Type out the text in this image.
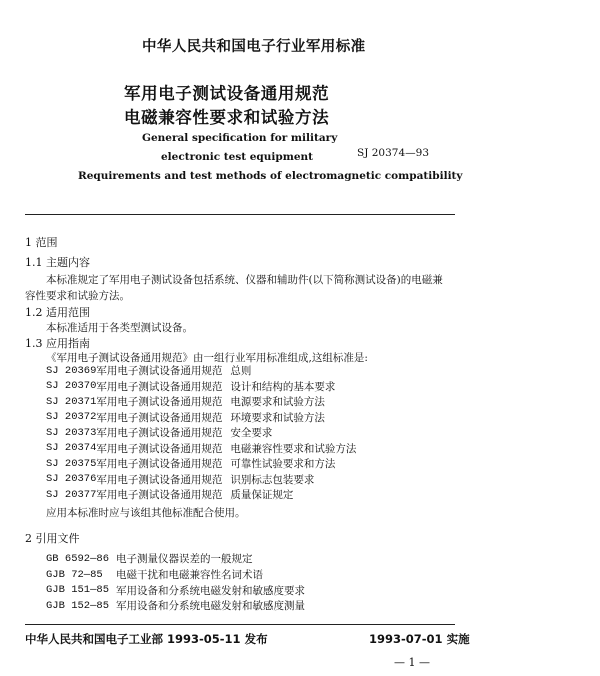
中华人民共和国电子行业军用标准
军用电子测试设备通用规范
电磁兼容性要求和试验方法
General specification for military
electronic test equipment	SJ 20374—93
Requirements and test methods of electromagnetic compatibility
1 范围
1.1 主题内容
本标准规定了军用电子测试设备包括系统、仪器和辅助件(以下简称测试设备)的电磁兼
容性要求和试验方法。
1.2 适用范围
本标准适用于各类型测试设备。
1.3 应用指南
《军用电子测试设备通用规范》由一组行业军用标准组成,这组标准是:
SJ 20369	军用电子测试设备通用规范	总则
SJ 20370	军用电子测试设备通用规范	设计和结构的基本要求
SJ 20371	军用电子测试设备通用规范	电源要求和试验方法
SJ 20372	军用电子测试设备通用规范	环境要求和试验方法
SJ 20373	军用电子测试设备通用规范	安全要求
SJ 20374	军用电子测试设备通用规范	电磁兼容性要求和试验方法
SJ 20375	军用电子测试设备通用规范	可靠性试验要求和方法
SJ 20376	军用电子测试设备通用规范	识别标志包装要求
SJ 20377	军用电子测试设备通用规范	质量保证规定
应用本标准时应与该组其他标准配合使用。
2 引用文件
GB 6592—86	电子测量仪器误差的一般规定
GJB 72—85	电磁干扰和电磁兼容性名词术语
GJB 151—85	军用设备和分系统电磁发射和敏感度要求
GJB 152—85	军用设备和分系统电磁发射和敏感度测量
中华人民共和国电子工业部 1993-05-11 发布	1993-07-01 实施
— 1 —
